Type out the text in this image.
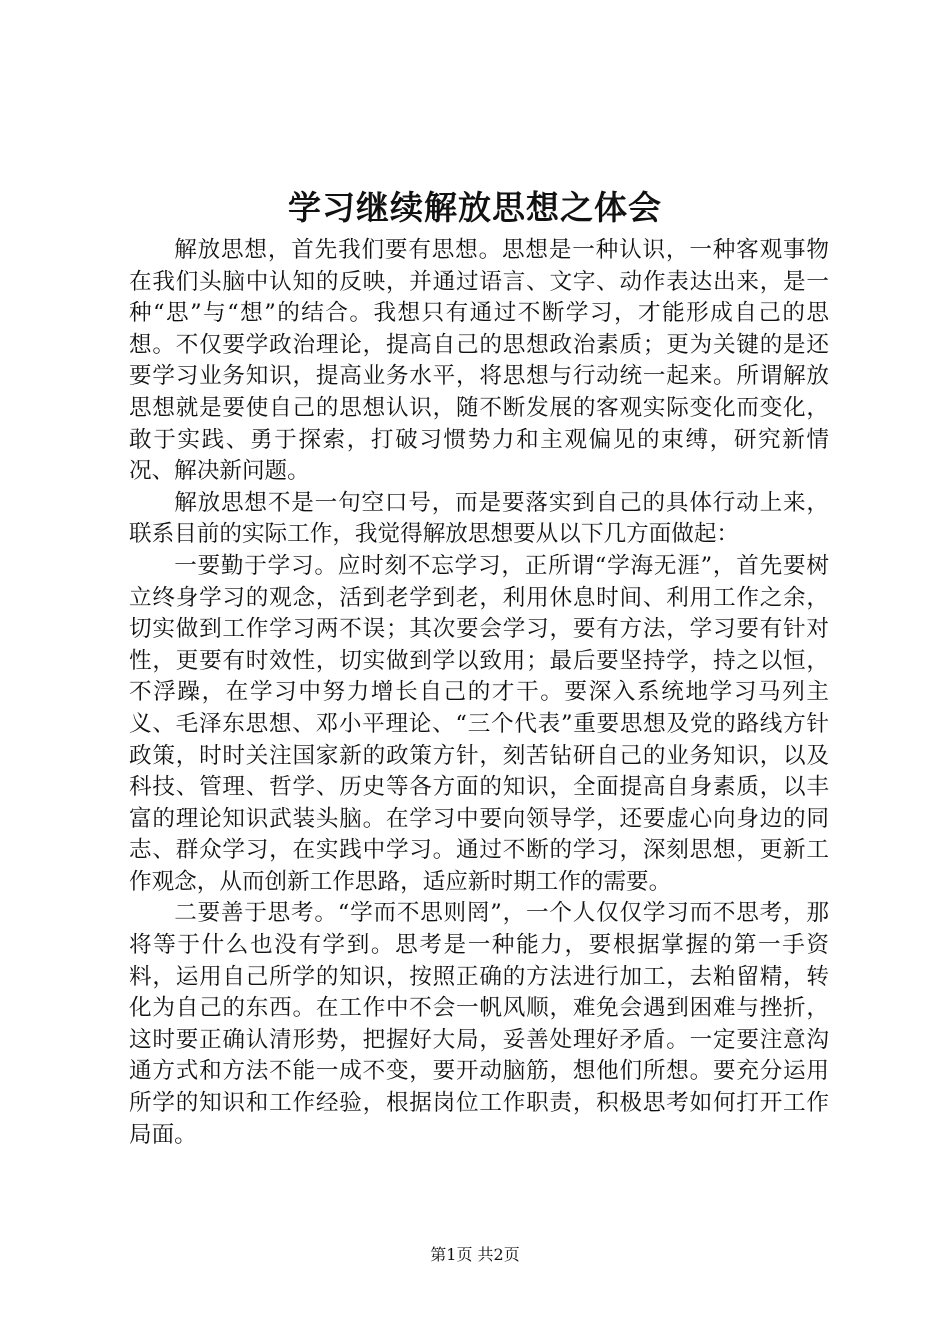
学习继续解放思想之体会

解放思想，首先我们要有思想。思想是一种认识，一种客观事物在我们头脑中认知的反映，并通过语言、文字、动作表达出来，是一种“思”与“想”的结合。我想只有通过不断学习，才能形成自己的思想。不仅要学政治理论，提高自己的思想政治素质；更为关键的是还要学习业务知识，提高业务水平，将思想与行动统一起来。所谓解放思想就是要使自己的思想认识，随不断发展的客观实际变化而变化，敢于实践、勇于探索，打破习惯势力和主观偏见的束缚，研究新情况、解决新问题。

解放思想不是一句空口号，而是要落实到自己的具体行动上来，联系目前的实际工作，我觉得解放思想要从以下几方面做起：

一要勤于学习。应时刻不忘学习，正所谓“学海无涯”，首先要树立终身学习的观念，活到老学到老，利用休息时间、利用工作之余，切实做到工作学习两不误；其次要会学习，要有方法，学习要有针对性，更要有时效性，切实做到学以致用；最后要坚持学，持之以恒，不浮躁，在学习中努力增长自己的才干。要深入系统地学习马列主义、毛泽东思想、邓小平理论、“三个代表”重要思想及党的路线方针政策，时时关注国家新的政策方针，刻苦钻研自己的业务知识，以及科技、管理、哲学、历史等各方面的知识，全面提高自身素质，以丰富的理论知识武装头脑。在学习中要向领导学，还要虚心向身边的同志、群众学习，在实践中学习。通过不断的学习，深刻思想，更新工作观念，从而创新工作思路，适应新时期工作的需要。

二要善于思考。“学而不思则罔”，一个人仅仅学习而不思考，那将等于什么也没有学到。思考是一种能力，要根据掌握的第一手资料，运用自己所学的知识，按照正确的方法进行加工，去粕留精，转化为自己的东西。在工作中不会一帆风顺，难免会遇到困难与挫折，这时要正确认清形势，把握好大局，妥善处理好矛盾。一定要注意沟通方式和方法不能一成不变，要开动脑筋，想他们所想。要充分运用所学的知识和工作经验，根据岗位工作职责，积极思考如何打开工作局面。

第1页 共2页
